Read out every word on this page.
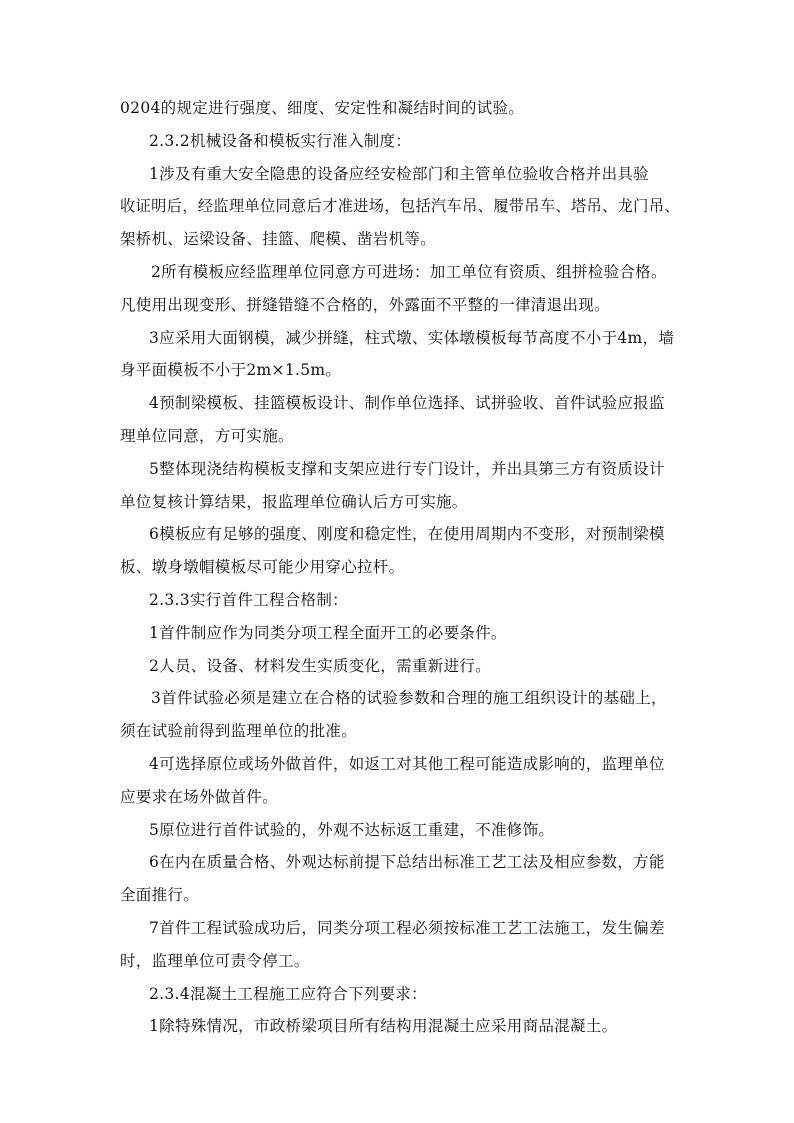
0204的规定进行强度、细度、安定性和凝结时间的试验。
2.3.2机械设备和模板实行准入制度：
1涉及有重大安全隐患的设备应经安检部门和主管单位验收合格并出具验
收证明后，经监理单位同意后才准进场，包括汽车吊、履带吊车、塔吊、龙门吊、
架桥机、运梁设备、挂篮、爬模、凿岩机等。
2所有模板应经监理单位同意方可进场：加工单位有资质、组拼检验合格。
凡使用出现变形、拼缝错缝不合格的，外露面不平整的一律清退出现。
3应采用大面钢模，减少拼缝，柱式墩、实体墩模板每节高度不小于4m，墙
身平面模板不小于2m×1.5m。
4预制梁模板、挂篮模板设计、制作单位选择、试拼验收、首件试验应报监
理单位同意，方可实施。
5整体现浇结构模板支撑和支架应进行专门设计，并出具第三方有资质设计
单位复核计算结果，报监理单位确认后方可实施。
6模板应有足够的强度、刚度和稳定性，在使用周期内不变形，对预制梁模
板、墩身墩帽模板尽可能少用穿心拉杆。
2.3.3实行首件工程合格制：
1首件制应作为同类分项工程全面开工的必要条件。
2人员、设备、材料发生实质变化，需重新进行。
3首件试验必须是建立在合格的试验参数和合理的施工组织设计的基础上，
须在试验前得到监理单位的批准。
4可选择原位或场外做首件，如返工对其他工程可能造成影响的，监理单位
应要求在场外做首件。
5原位进行首件试验的，外观不达标返工重建，不准修饰。
6在内在质量合格、外观达标前提下总结出标准工艺工法及相应参数，方能
全面推行。
7首件工程试验成功后，同类分项工程必须按标准工艺工法施工，发生偏差
时，监理单位可责令停工。
2.3.4混凝土工程施工应符合下列要求：
1除特殊情况，市政桥梁项目所有结构用混凝土应采用商品混凝土。
